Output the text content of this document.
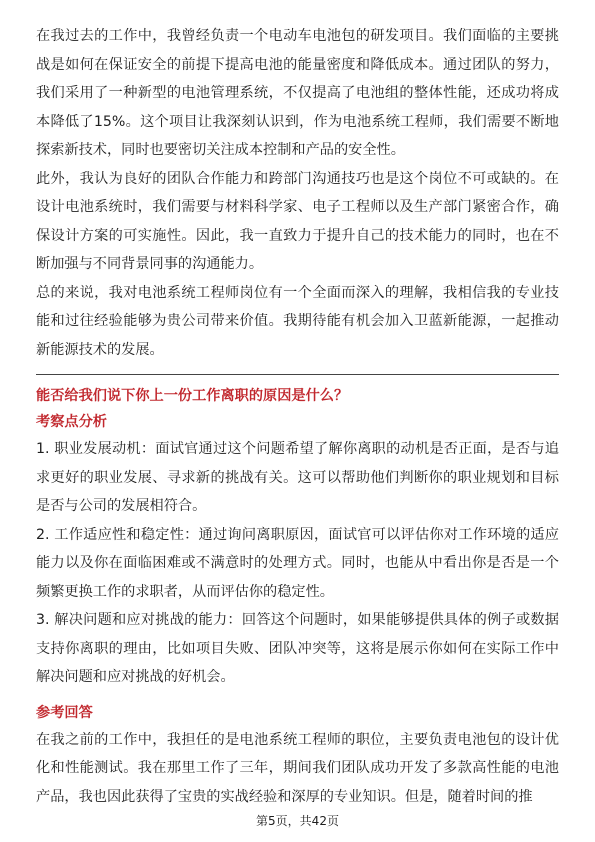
在我过去的工作中，我曾经负责一个电动车电池包的研发项目。我们面临的主要挑战是如何在保证安全的前提下提高电池的能量密度和降低成本。通过团队的努力，我们采用了一种新型的电池管理系统，不仅提高了电池组的整体性能，还成功将成本降低了15%。这个项目让我深刻认识到，作为电池系统工程师，我们需要不断地探索新技术，同时也要密切关注成本控制和产品的安全性。

此外，我认为良好的团队合作能力和跨部门沟通技巧也是这个岗位不可或缺的。在设计电池系统时，我们需要与材料科学家、电子工程师以及生产部门紧密合作，确保设计方案的可实施性。因此，我一直致力于提升自己的技术能力的同时，也在不断加强与不同背景同事的沟通能力。

总的来说，我对电池系统工程师岗位有一个全面而深入的理解，我相信我的专业技能和过往经验能够为贵公司带来价值。我期待能有机会加入卫蓝新能源，一起推动新能源技术的发展。

能否给我们说下你上一份工作离职的原因是什么？
考察点分析

1. 职业发展动机：面试官通过这个问题希望了解你离职的动机是否正面，是否与追求更好的职业发展、寻求新的挑战有关。这可以帮助他们判断你的职业规划和目标是否与公司的发展相符合。

2. 工作适应性和稳定性：通过询问离职原因，面试官可以评估你对工作环境的适应能力以及你在面临困难或不满意时的处理方式。同时，也能从中看出你是否是一个频繁更换工作的求职者，从而评估你的稳定性。

3. 解决问题和应对挑战的能力：回答这个问题时，如果能够提供具体的例子或数据支持你离职的理由，比如项目失败、团队冲突等，这将是展示你如何在实际工作中解决问题和应对挑战的好机会。

参考回答

在我之前的工作中，我担任的是电池系统工程师的职位，主要负责电池包的设计优化和性能测试。我在那里工作了三年，期间我们团队成功开发了多款高性能的电池产品，我也因此获得了宝贵的实战经验和深厚的专业知识。但是，随着时间的推

第5页，共42页
